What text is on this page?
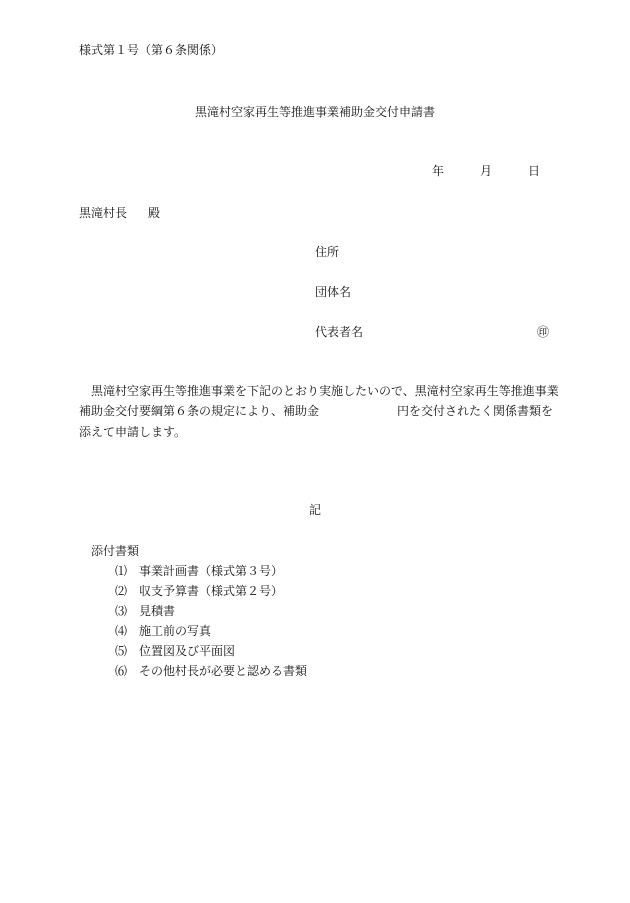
様式第１号（第６条関係）
黒滝村空家再生等推進事業補助金交付申請書
年	月	日
黒滝村長 殿
住所
団体名
代表者名	㊞
黒滝村空家再生等推進事業を下記のとおり実施したいので、黒滝村空家再生等推進事業
補助金交付要綱第６条の規定により、補助金	円を交付されたく関係書類を
添えて申請します。
記
添付書類
⑴ 事業計画書（様式第３号）
⑵ 収支予算書（様式第２号）
⑶ 見積書
⑷ 施工前の写真
⑸ 位置図及び平面図
⑹ その他村長が必要と認める書類
